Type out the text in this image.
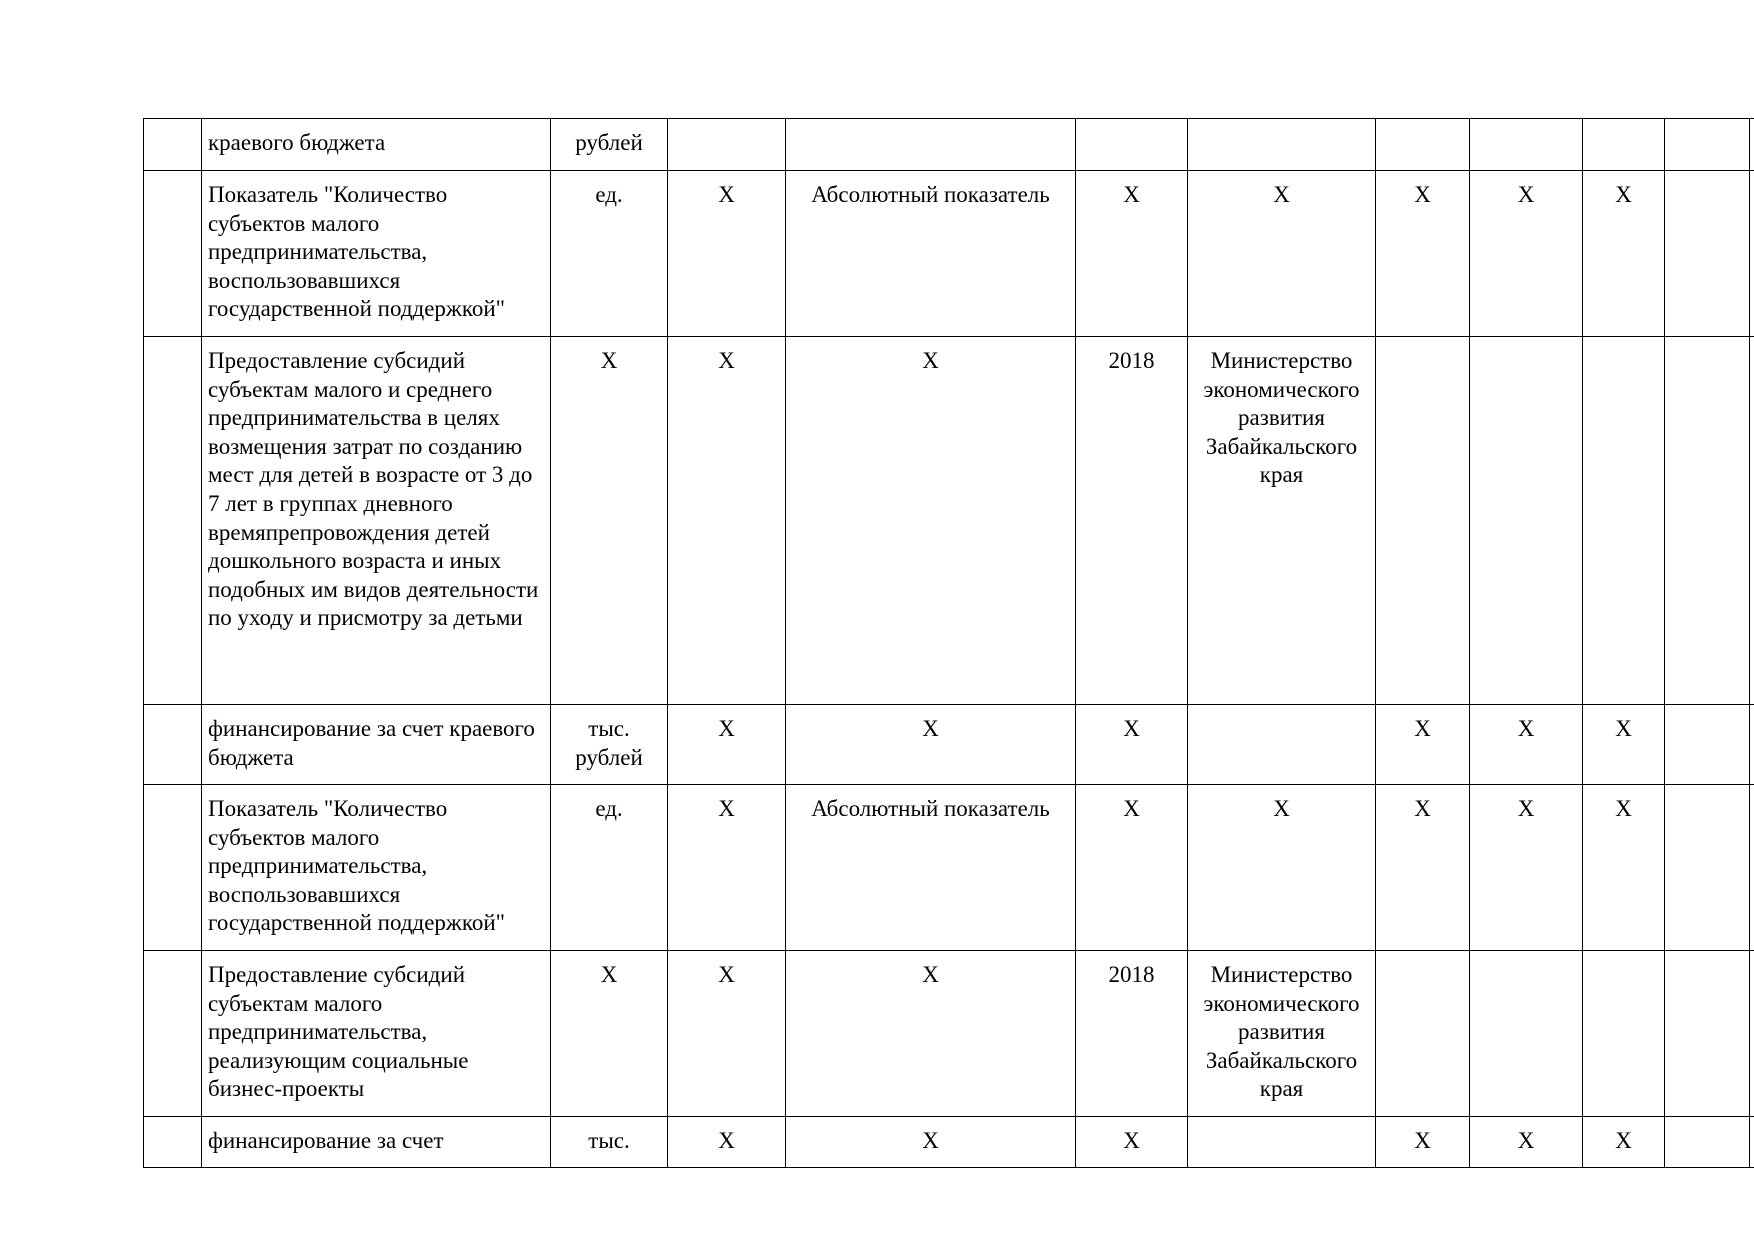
	краевого бюджета	рублей									
	Показатель "Количество субъектов малого предпринимательства, воспользовавшихся государственной поддержкой"	ед.	X	Абсолютный показатель	X	X	X	X	X		
	Предоставление субсидий субъектам малого и среднего предпринимательства в целях возмещения затрат по созданию мест для детей в возрасте от 3 до 7 лет в группах дневного времяпрепровождения детей дошкольного возраста и иных подобных им видов деятельности по уходу и присмотру за детьми	X	X	X	2018	Министерство экономического развития Забайкальского края					
	финансирование за счет краевого бюджета	тыс. рублей	X	X	X		X	X	X		
	Показатель "Количество субъектов малого предпринимательства, воспользовавшихся государственной поддержкой"	ед.	X	Абсолютный показатель	X	X	X	X	X		
	Предоставление субсидий субъектам малого предпринимательства, реализующим социальные бизнес-проекты	X	X	X	2018	Министерство экономического развития Забайкальского края					
	финансирование за счет	тыс.	X	X	X		X	X	X		
